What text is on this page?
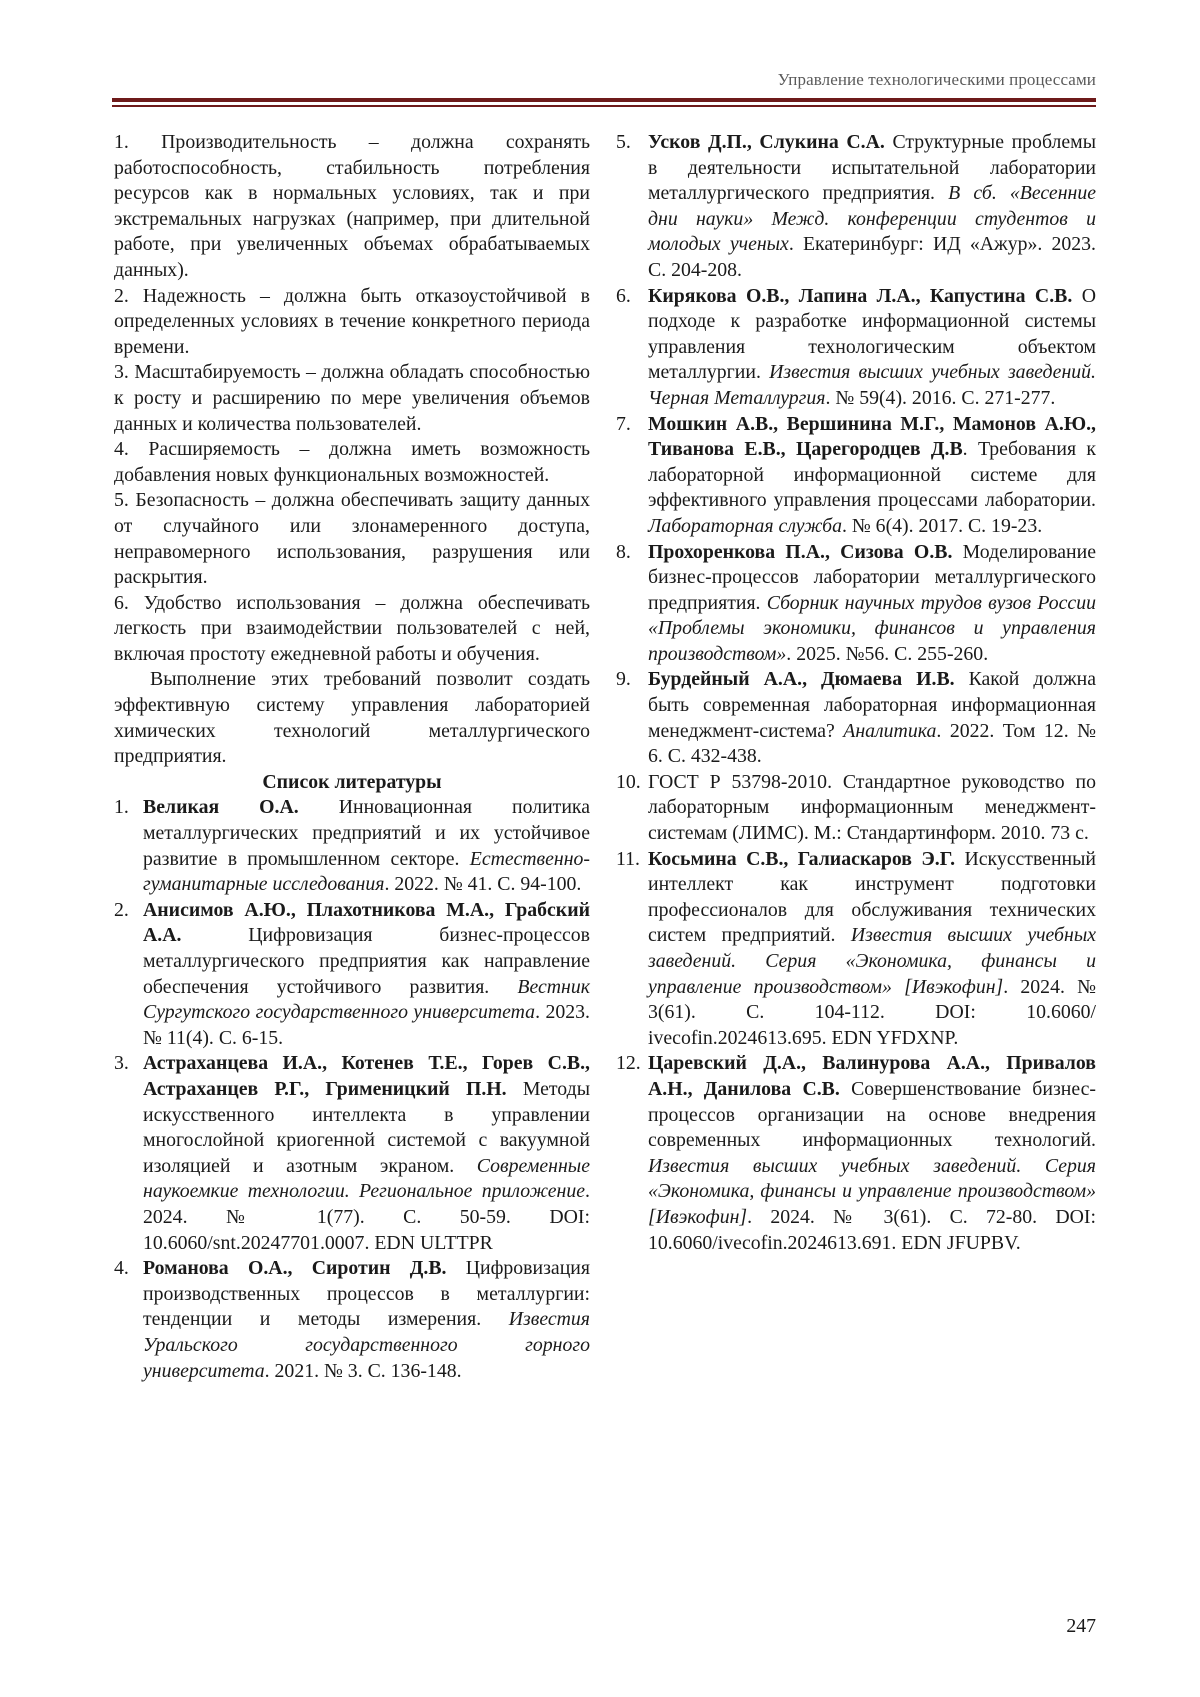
Управление технологическими процессами

1. Производительность – должна сохранять работоспособность, стабильность потребления ресурсов как в нормальных условиях, так и при экстремальных нагрузках (например, при длительной работе, при увеличенных объемах обрабатываемых данных).

2. Надежность – должна быть отказоустойчивой в определенных условиях в течение конкретного периода времени.

3. Масштабируемость – должна обладать способностью к росту и расширению по мере увеличения объемов данных и количества пользователей.

4. Расширяемость – должна иметь возможность добавления новых функциональных возможностей.

5. Безопасность – должна обеспечивать защиту данных от случайного или злонамеренного доступа, неправомерного использования, разрушения или раскрытия.

6. Удобство использования – должна обеспечивать легкость при взаимодействии пользователей с ней, включая простоту ежедневной работы и обучения.

Выполнение этих требований позволит создать эффективную систему управления лабораторией химических технологий металлургического предприятия.

Список литературы

1. Великая О.А. Инновационная политика металлургических предприятий и их устойчивое развитие в промышленном секторе. Естественно-гуманитарные исследования. 2022. № 41. С. 94-100.

2. Анисимов А.Ю., Плахотникова М.А., Грабский А.А. Цифровизация бизнес-процессов металлургического предприятия как направление обеспечения устойчивого развития. Вестник Сургутского государственного университета. 2023. № 11(4). С. 6-15.

3. Астраханцева И.А., Котенев Т.Е., Горев С.В., Астраханцев Р.Г., Грименицкий П.Н. Методы искусственного интеллекта в управлении многослойной криогенной системой с вакуумной изоляцией и азотным экраном. Современные наукоемкие технологии. Региональное приложение. 2024. № 1(77). С. 50-59. DOI: 10.6060/snt.20247701.0007. EDN ULTTPR

4. Романова О.А., Сиротин Д.В. Цифровизация производственных процессов в металлургии: тенденции и методы измерения. Известия Уральского государственного горного университета. 2021. № 3. С. 136-148.

5. Усков Д.П., Слукина С.А. Структурные проблемы в деятельности испытательной лаборатории металлургического предприятия. В сб. «Весенние дни науки» Межд. конференции студентов и молодых ученых. Екатеринбург: ИД «Ажур». 2023. С. 204-208.

6. Кирякова О.В., Лапина Л.А., Капустина С.В. О подходе к разработке информационной системы управления технологическим объектом металлургии. Известия высших учебных заведений. Черная Металлургия. № 59(4). 2016. С. 271-277.

7. Мошкин А.В., Вершинина М.Г., Мамонов А.Ю., Тиванова Е.В., Царегородцев Д.В. Требования к лабораторной информационной системе для эффективного управления процессами лаборатории. Лабораторная служба. № 6(4). 2017. С. 19-23.

8. Прохоренкова П.А., Сизова О.В. Моделирование бизнес-процессов лаборатории металлургического предприятия. Сборник научных трудов вузов России «Проблемы экономики, финансов и управления производством». 2025. №56. С. 255-260.

9. Бурдейный А.А., Дюмаева И.В. Какой должна быть современная лабораторная информационная менеджмент-система? Аналитика. 2022. Том 12. № 6. С. 432-438.

10. ГОСТ Р 53798-2010. Стандартное руководство по лабораторным информационным менеджмент-системам (ЛИМС). М.: Стандартинформ. 2010. 73 с.

11. Косьмина С.В., Галиаскаров Э.Г. Искусственный интеллект как инструмент подготовки профессионалов для обслуживания технических систем предприятий. Известия высших учебных заведений. Серия «Экономика, финансы и управление производством» [Ивэкофин]. 2024. № 3(61). С. 104-112. DOI: 10.6060/ ivecofin.2024613.695. EDN YFDXNP.

12. Царевский Д.А., Валинурова А.А., Привалов А.Н., Данилова С.В. Совершенствование бизнес-процессов организации на основе внедрения современных информационных технологий. Известия высших учебных заведений. Серия «Экономика, финансы и управление производством» [Ивэкофин]. 2024. № 3(61). С. 72-80. DOI: 10.6060/ivecofin.2024613.691. EDN JFUPBV.

247
